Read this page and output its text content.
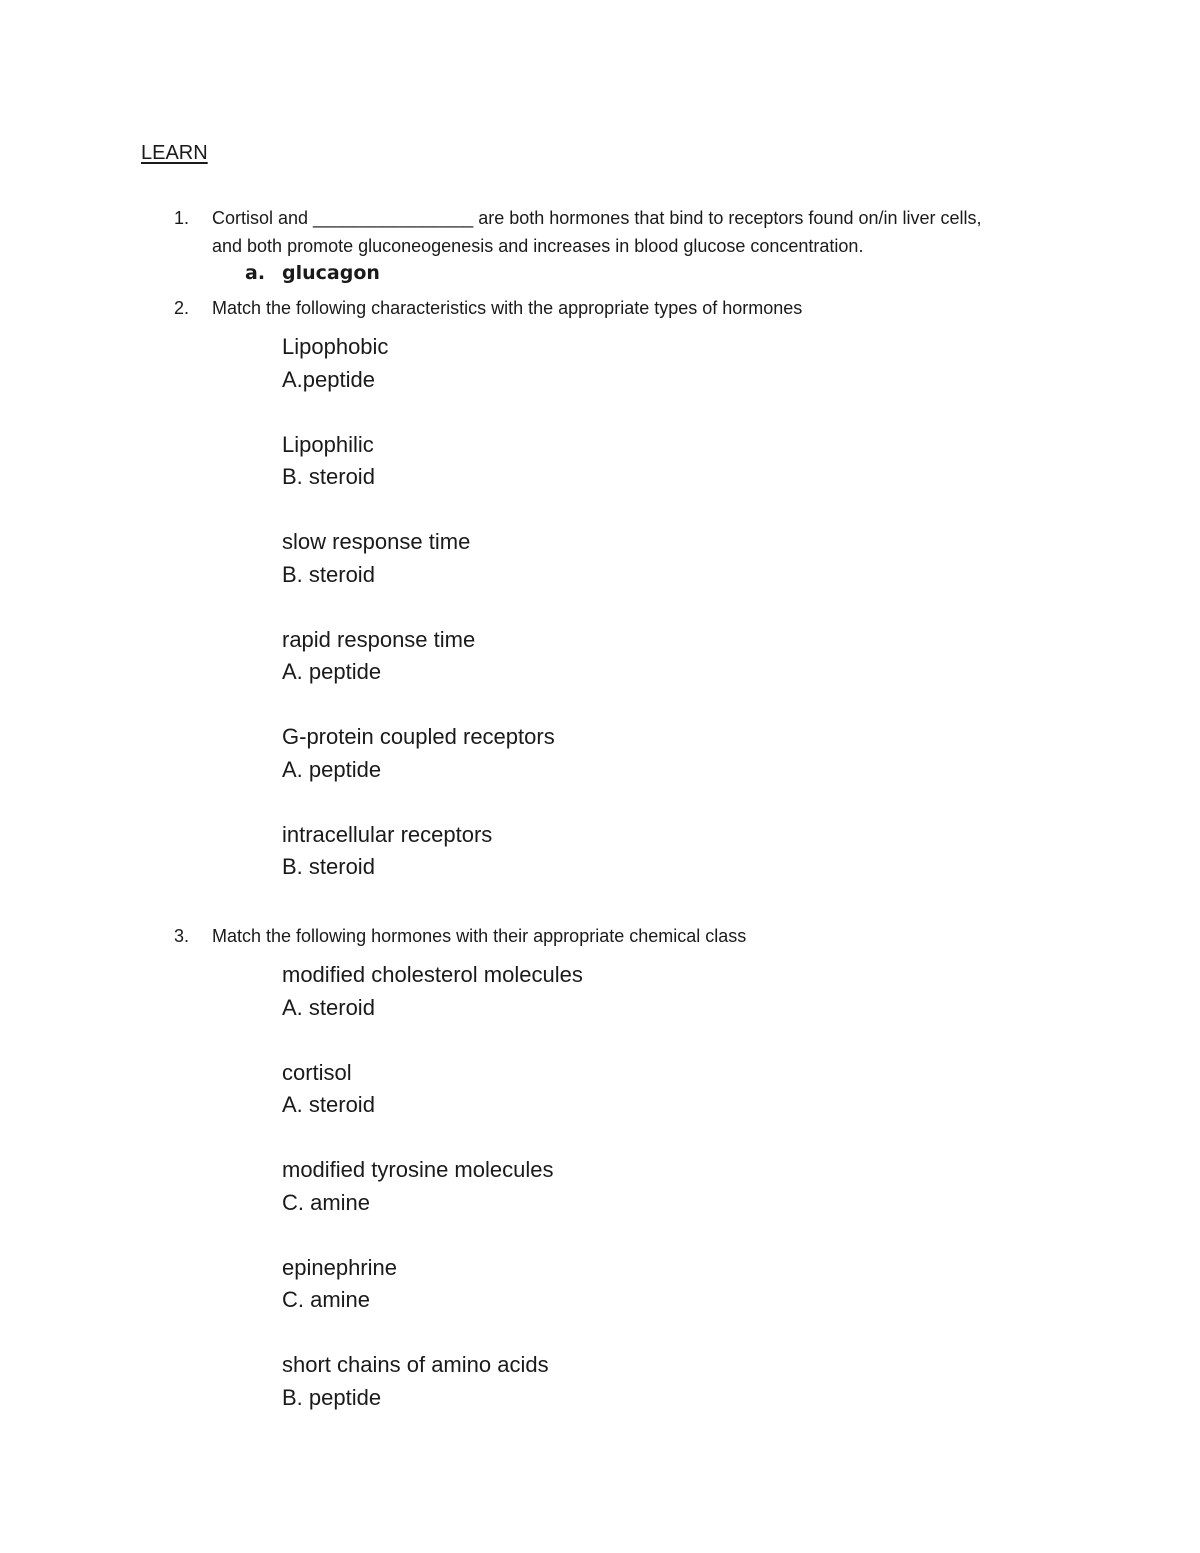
LEARN
1.	Cortisol and ________________ are both hormones that bind to receptors found on/in liver cells,
and both promote gluconeogenesis and increases in blood glucose concentration.
a. glucagon
2.	Match the following characteristics with the appropriate types of hormones
Lipophobic
A.peptide
Lipophilic
B. steroid
slow response time
B. steroid
rapid response time
A. peptide
G-protein coupled receptors
A. peptide
intracellular receptors
B. steroid
3.	Match the following hormones with their appropriate chemical class
modified cholesterol molecules
A. steroid
cortisol
A. steroid
modified tyrosine molecules
C. amine
epinephrine
C. amine
short chains of amino acids
B. peptide
